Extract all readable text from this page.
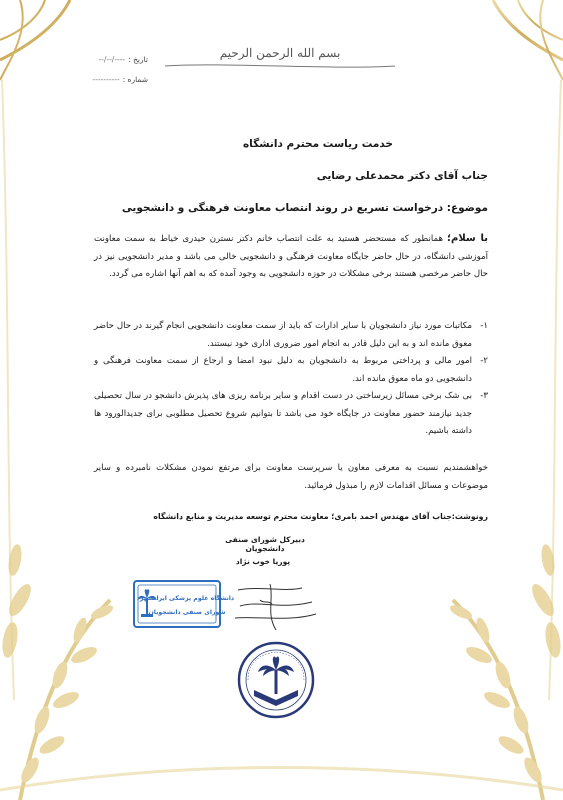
بسم الله الرحمن الرحیم
تاریخ :
----/--/--
شماره :
----------
خدمت ریاست محترم دانشگاه
جناب آقای دکتر محمدعلی رضایی
موضوع: درخواست تسریع در روند انتصاب معاونت فرهنگی و دانشجویی
با سلام؛ همانطور که مستحضر هستید به علت انتصاب خانم دکتر نسترن حیدری خیاط به سمت معاونت آموزشی دانشگاه، در حال حاضر جایگاه معاونت فرهنگی و دانشجویی خالی می باشد و مدیر دانشجویی نیز در حال حاضر مرخصی هستند برخی مشکلات در حوزه دانشجویی به وجود آمده که به اهم آنها اشاره می گردد.
۱-
مکاتبات مورد نیاز دانشجویان با سایر ادارات که باید از سمت معاونت دانشجویی انجام گیرند در حال حاضر معوق مانده اند و به این دلیل قادر به انجام امور ضروری اداری خود نیستند.
۲-
امور مالی و پرداختی مربوط به دانشجویان به دلیل نبود امضا و ارجاع از سمت معاونت فرهنگی و دانشجویی دو ماه معوق مانده اند.
۳-
بی شک برخی مسائل زیرساختی در دست اقدام و سایر برنامه ریزی های پذیرش دانشجو در سال تحصیلی جدید نیازمند حضور معاونت در جایگاه خود می باشد تا بتوانیم شروع تحصیل مطلوبی برای جدیدالورود ها داشته باشیم.
خواهشمندیم نسبت به معرفی معاون یا سرپرست معاونت برای مرتفع نمودن مشکلات نامبرده و سایر موضوعات و مسائل اقدامات لازم را مبذول فرمائید.
رونوشت:جناب آقای مهندس احمد بامری؛ معاونت محترم توسعه مدیریت و منابع دانشگاه
دبیرکل شورای صنفی دانشجویان
پوریا خوب نژاد
دانشگاه علوم پزشکی ایرانشهر
شورای صنفی دانشجویان
